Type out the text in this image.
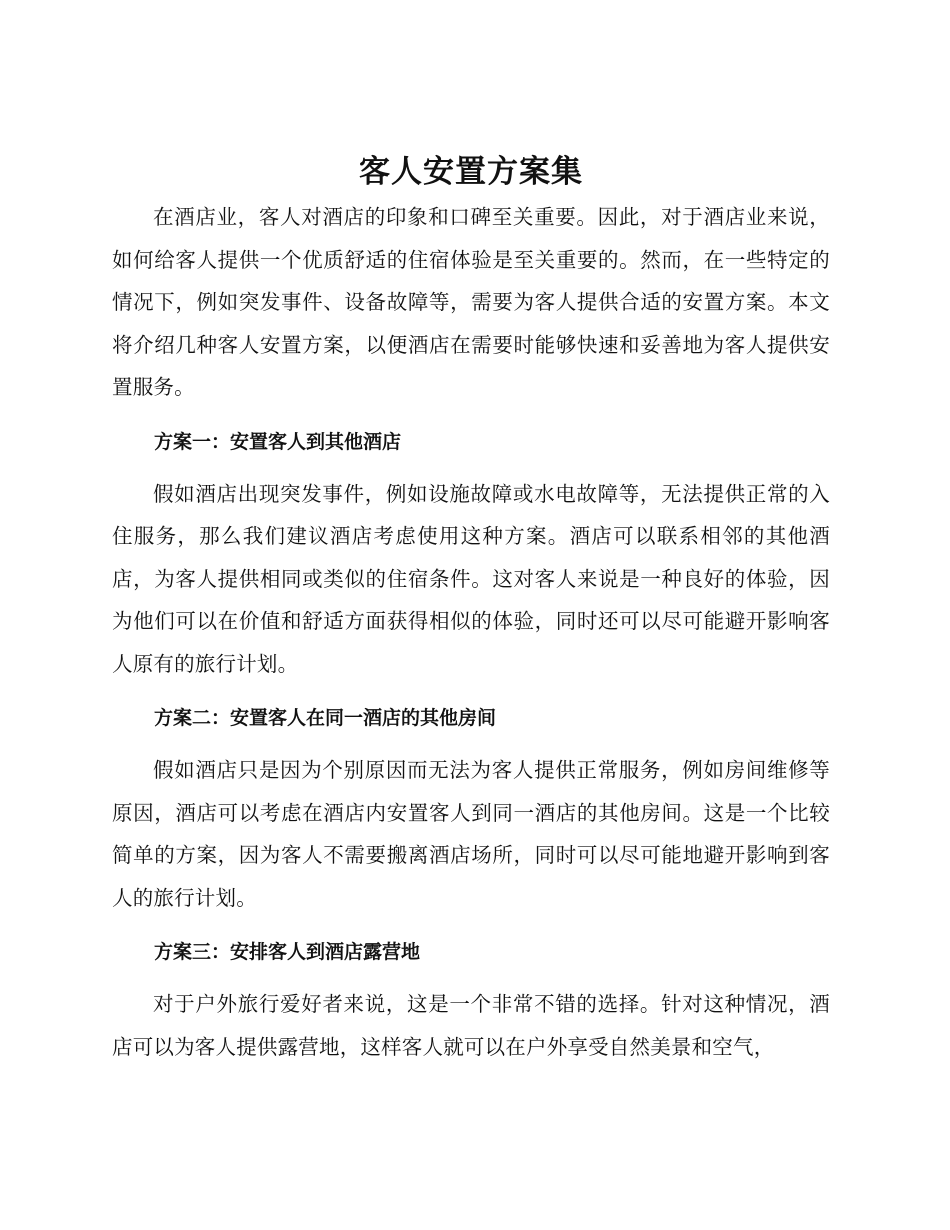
客人安置方案集

在酒店业，客人对酒店的印象和口碑至关重要。因此，对于酒店业来说，如何给客人提供一个优质舒适的住宿体验是至关重要的。然而，在一些特定的情况下，例如突发事件、设备故障等，需要为客人提供合适的安置方案。本文将介绍几种客人安置方案，以便酒店在需要时能够快速和妥善地为客人提供安置服务。

方案一：安置客人到其他酒店

假如酒店出现突发事件，例如设施故障或水电故障等，无法提供正常的入住服务，那么我们建议酒店考虑使用这种方案。酒店可以联系相邻的其他酒店，为客人提供相同或类似的住宿条件。这对客人来说是一种良好的体验，因为他们可以在价值和舒适方面获得相似的体验，同时还可以尽可能避开影响客人原有的旅行计划。

方案二：安置客人在同一酒店的其他房间

假如酒店只是因为个别原因而无法为客人提供正常服务，例如房间维修等原因，酒店可以考虑在酒店内安置客人到同一酒店的其他房间。这是一个比较简单的方案，因为客人不需要搬离酒店场所，同时可以尽可能地避开影响到客人的旅行计划。

方案三：安排客人到酒店露营地

对于户外旅行爱好者来说，这是一个非常不错的选择。针对这种情况，酒店可以为客人提供露营地，这样客人就可以在户外享受自然美景和空气，
